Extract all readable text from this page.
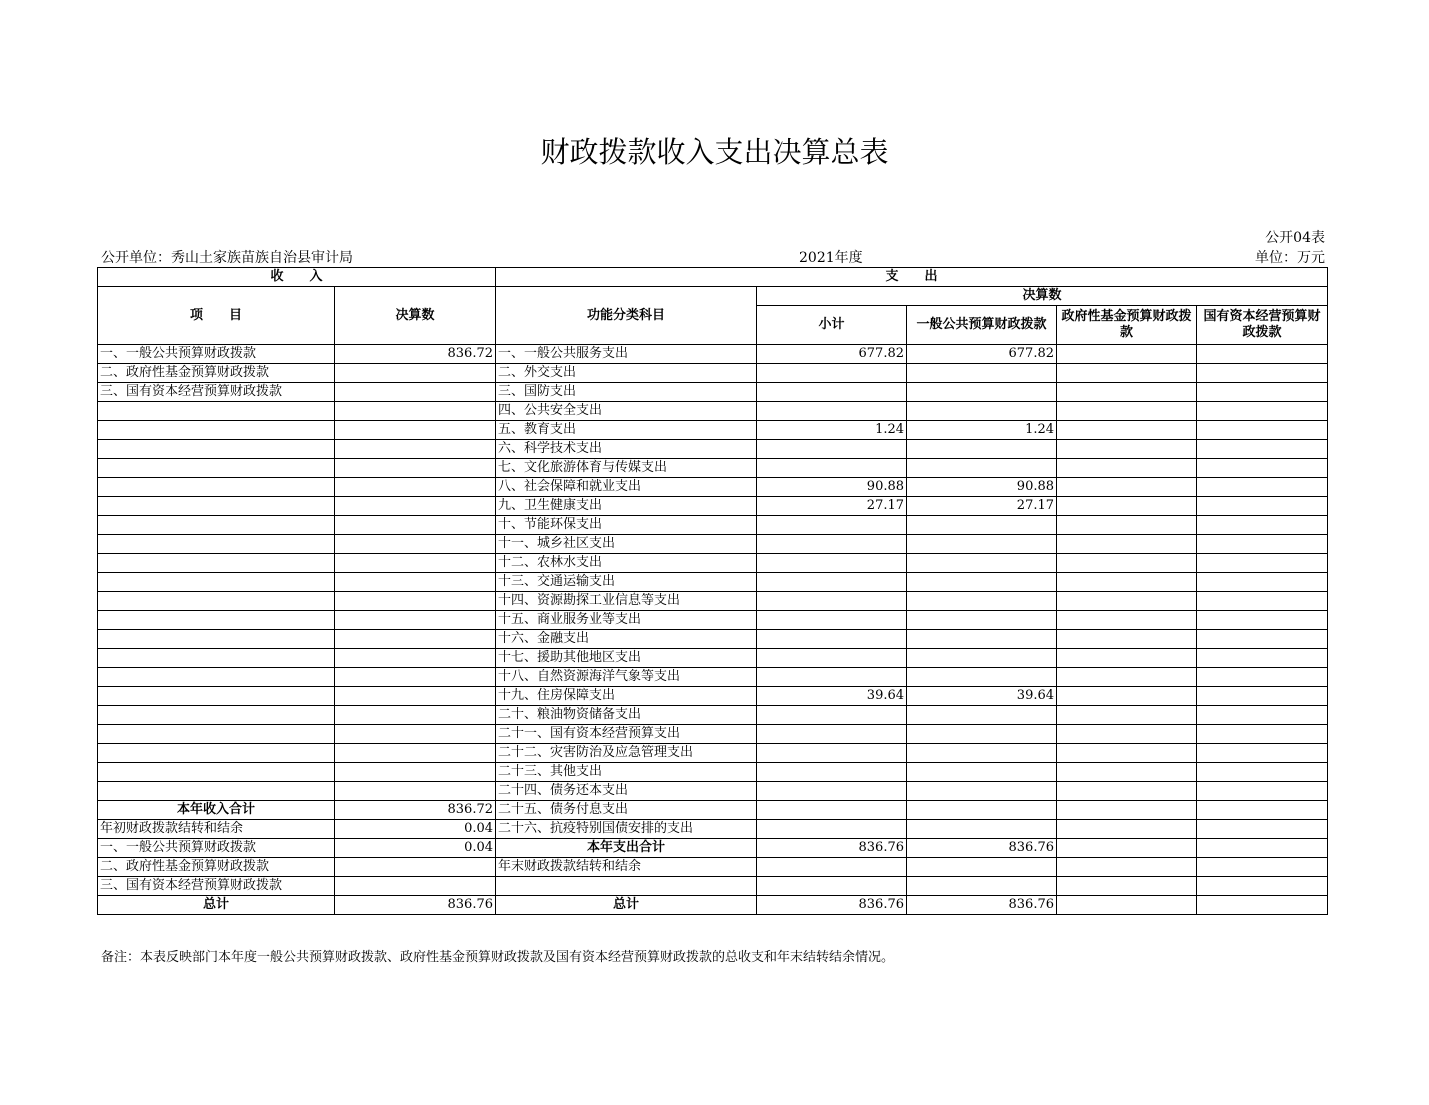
财政拨款收入支出决算总表
公开04表
公开单位：秀山土家族苗族自治县审计局	2021年度	单位：万元
收　　入		支　　出				
项　　目	决算数	功能分类科目	决算数			
			小计	一般公共预算财政拨款	政府性基金预算财政拨款	国有资本经营预算财政拨款
一、一般公共预算财政拨款	836.72	一、一般公共服务支出	677.82	677.82		
二、政府性基金预算财政拨款		二、外交支出				
三、国有资本经营预算财政拨款		三、国防支出				
		四、公共安全支出				
		五、教育支出	1.24	1.24		
		六、科学技术支出				
		七、文化旅游体育与传媒支出				
		八、社会保障和就业支出	90.88	90.88		
		九、卫生健康支出	27.17	27.17		
		十、节能环保支出				
		十一、城乡社区支出				
		十二、农林水支出				
		十三、交通运输支出				
		十四、资源勘探工业信息等支出				
		十五、商业服务业等支出				
		十六、金融支出				
		十七、援助其他地区支出				
		十八、自然资源海洋气象等支出				
		十九、住房保障支出	39.64	39.64		
		二十、粮油物资储备支出				
		二十一、国有资本经营预算支出				
		二十二、灾害防治及应急管理支出				
		二十三、其他支出				
		二十四、债务还本支出				
本年收入合计	836.72	二十五、债务付息支出				
年初财政拨款结转和结余	0.04	二十六、抗疫特别国债安排的支出				
一、一般公共预算财政拨款	0.04	本年支出合计	836.76	836.76		
二、政府性基金预算财政拨款		年末财政拨款结转和结余				
三、国有资本经营预算财政拨款						
总计	836.76	总计	836.76	836.76		
备注：本表反映部门本年度一般公共预算财政拨款、政府性基金预算财政拨款及国有资本经营预算财政拨款的总收支和年末结转结余情况。
